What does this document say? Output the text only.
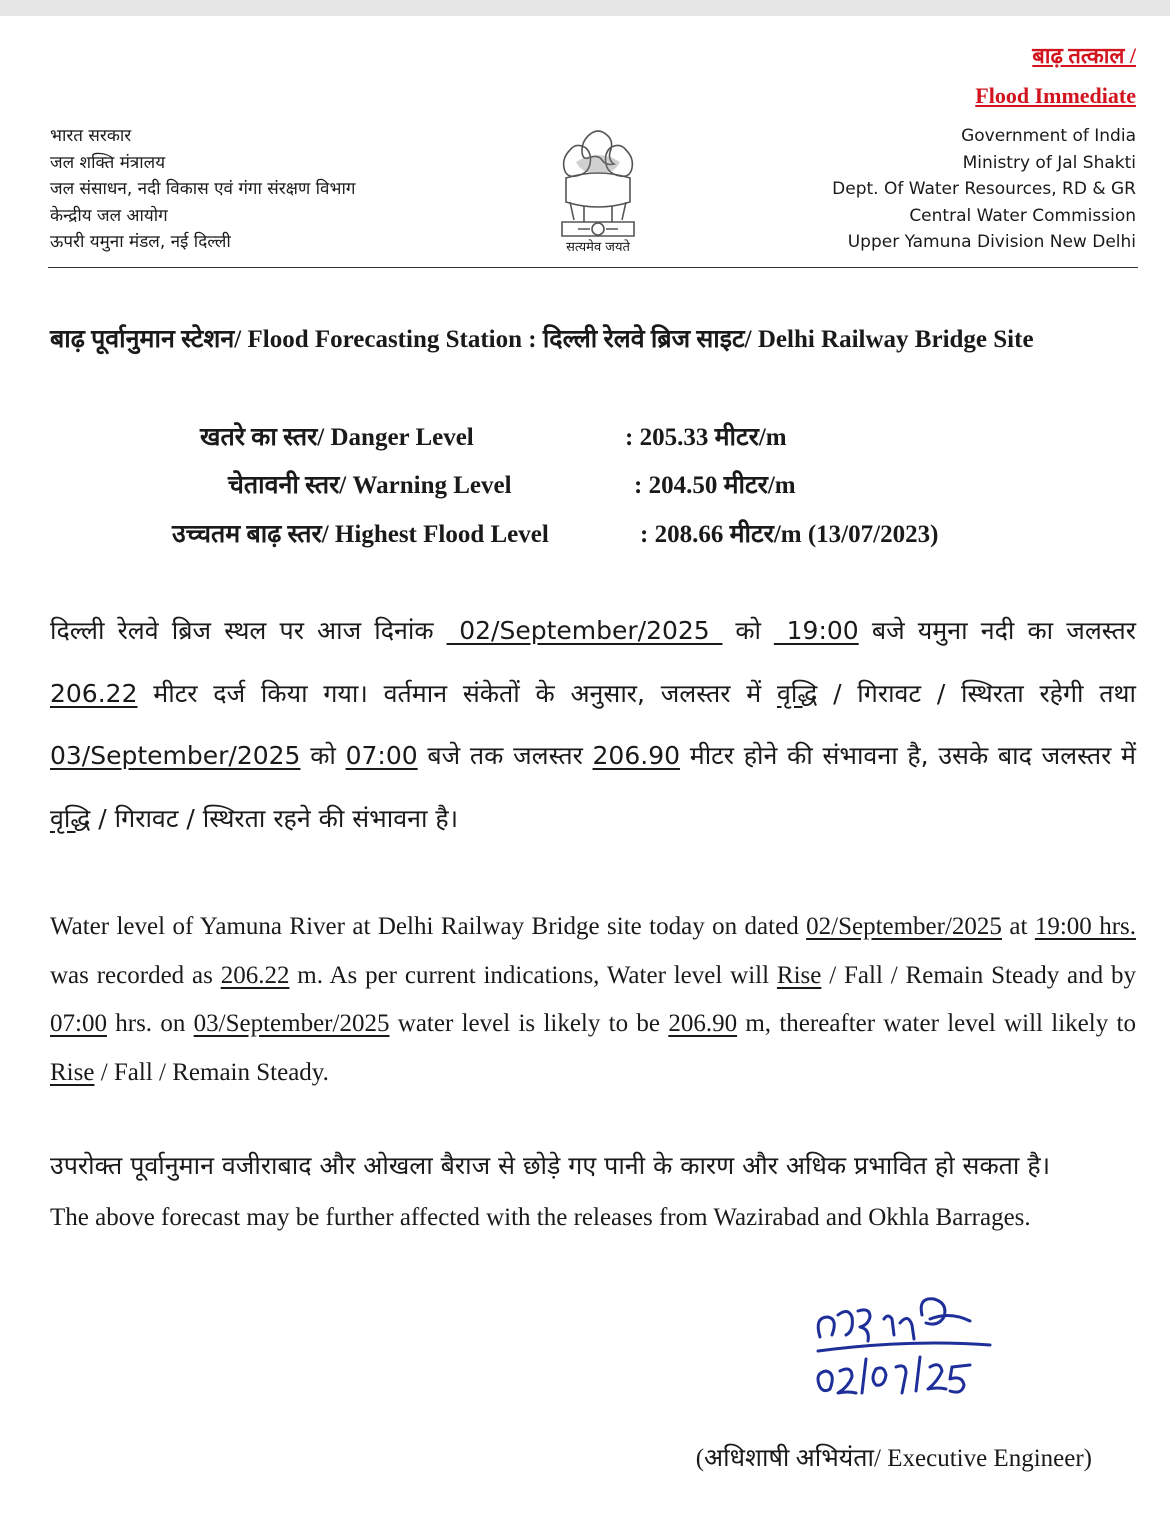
बाढ़ तत्काल /
Flood Immediate
भारत सरकार
जल शक्ति मंत्रालय
जल संसाधन, नदी विकास एवं गंगा संरक्षण विभाग
केन्द्रीय जल आयोग
ऊपरी यमुना मंडल, नई दिल्ली	सत्यमेव जयते
Government of India
Ministry of Jal Shakti
Dept. Of Water Resources, RD & GR
Central Water Commission
Upper Yamuna Division New Delhi
बाढ़ पूर्वानुमान स्टेशन/ Flood Forecasting Station : दिल्ली रेलवे ब्रिज साइट/ Delhi Railway Bridge Site
खतरे का स्तर/ Danger Level	: 205.33 मीटर/m
चेतावनी स्तर/ Warning Level	: 204.50 मीटर/m
उच्चतम बाढ़ स्तर/ Highest Flood Level	: 208.66 मीटर/m (13/07/2023)
दिल्ली रेलवे ब्रिज स्थल पर आज दिनांक _02/September/2025_ को _19:00 बजे यमुना नदी का जलस्तर 206.22 मीटर दर्ज किया गया। वर्तमान संकेतों के अनुसार, जलस्तर में वृद्धि / गिरावट / स्थिरता रहेगी तथा 03/September/2025 को 07:00 बजे तक जलस्तर 206.90 मीटर होने की संभावना है, उसके बाद जलस्तर में वृद्धि / गिरावट / स्थिरता रहने की संभावना है।
Water level of Yamuna River at Delhi Railway Bridge site today on dated 02/September/2025 at 19:00 hrs. was recorded as 206.22 m. As per current indications, Water level will Rise / Fall / Remain Steady and by 07:00 hrs. on 03/September/2025 water level is likely to be 206.90 m, thereafter water level will likely to Rise / Fall / Remain Steady.
उपरोक्त पूर्वानुमान वजीराबाद और ओखला बैराज से छोड़े गए पानी के कारण और अधिक प्रभावित हो सकता है।
The above forecast may be further affected with the releases from Wazirabad and Okhla Barrages.
(अधिशाषी अभियंता/ Executive Engineer)
